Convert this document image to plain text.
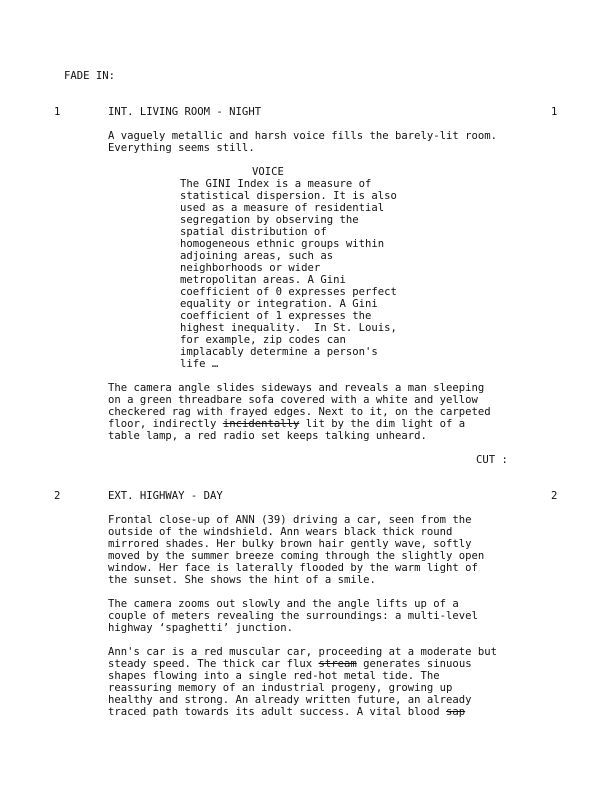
FADE IN:
1	INT. LIVING ROOM - NIGHT	1
A vaguely metallic and harsh voice fills the barely-lit room.
Everything seems still.
VOICE
The GINI Index is a measure of
statistical dispersion. It is also
used as a measure of residential
segregation by observing the
spatial distribution of
homogeneous ethnic groups within
adjoining areas, such as
neighborhoods or wider
metropolitan areas. A Gini
coefficient of 0 expresses perfect
equality or integration. A Gini
coefficient of 1 expresses the
highest inequality.  In St. Louis,
for example, zip codes can
implacably determine a person's
life …
The camera angle slides sideways and reveals a man sleeping
on a green threadbare sofa covered with a white and yellow
checkered rag with frayed edges. Next to it, on the carpeted
floor, indirectly incidentally lit by the dim light of a
table lamp, a red radio set keeps talking unheard.
CUT :
2	EXT. HIGHWAY - DAY	2
Frontal close-up of ANN (39) driving a car, seen from the
outside of the windshield. Ann wears black thick round
mirrored shades. Her bulky brown hair gently wave, softly
moved by the summer breeze coming through the slightly open
window. Her face is laterally flooded by the warm light of
the sunset. She shows the hint of a smile.
The camera zooms out slowly and the angle lifts up of a
couple of meters revealing the surroundings: a multi-level
highway ‘spaghetti’ junction.
Ann's car is a red muscular car, proceeding at a moderate but
steady speed. The thick car flux stream generates sinuous
shapes flowing into a single red-hot metal tide. The
reassuring memory of an industrial progeny, growing up
healthy and strong. An already written future, an already
traced path towards its adult success. A vital blood sap
